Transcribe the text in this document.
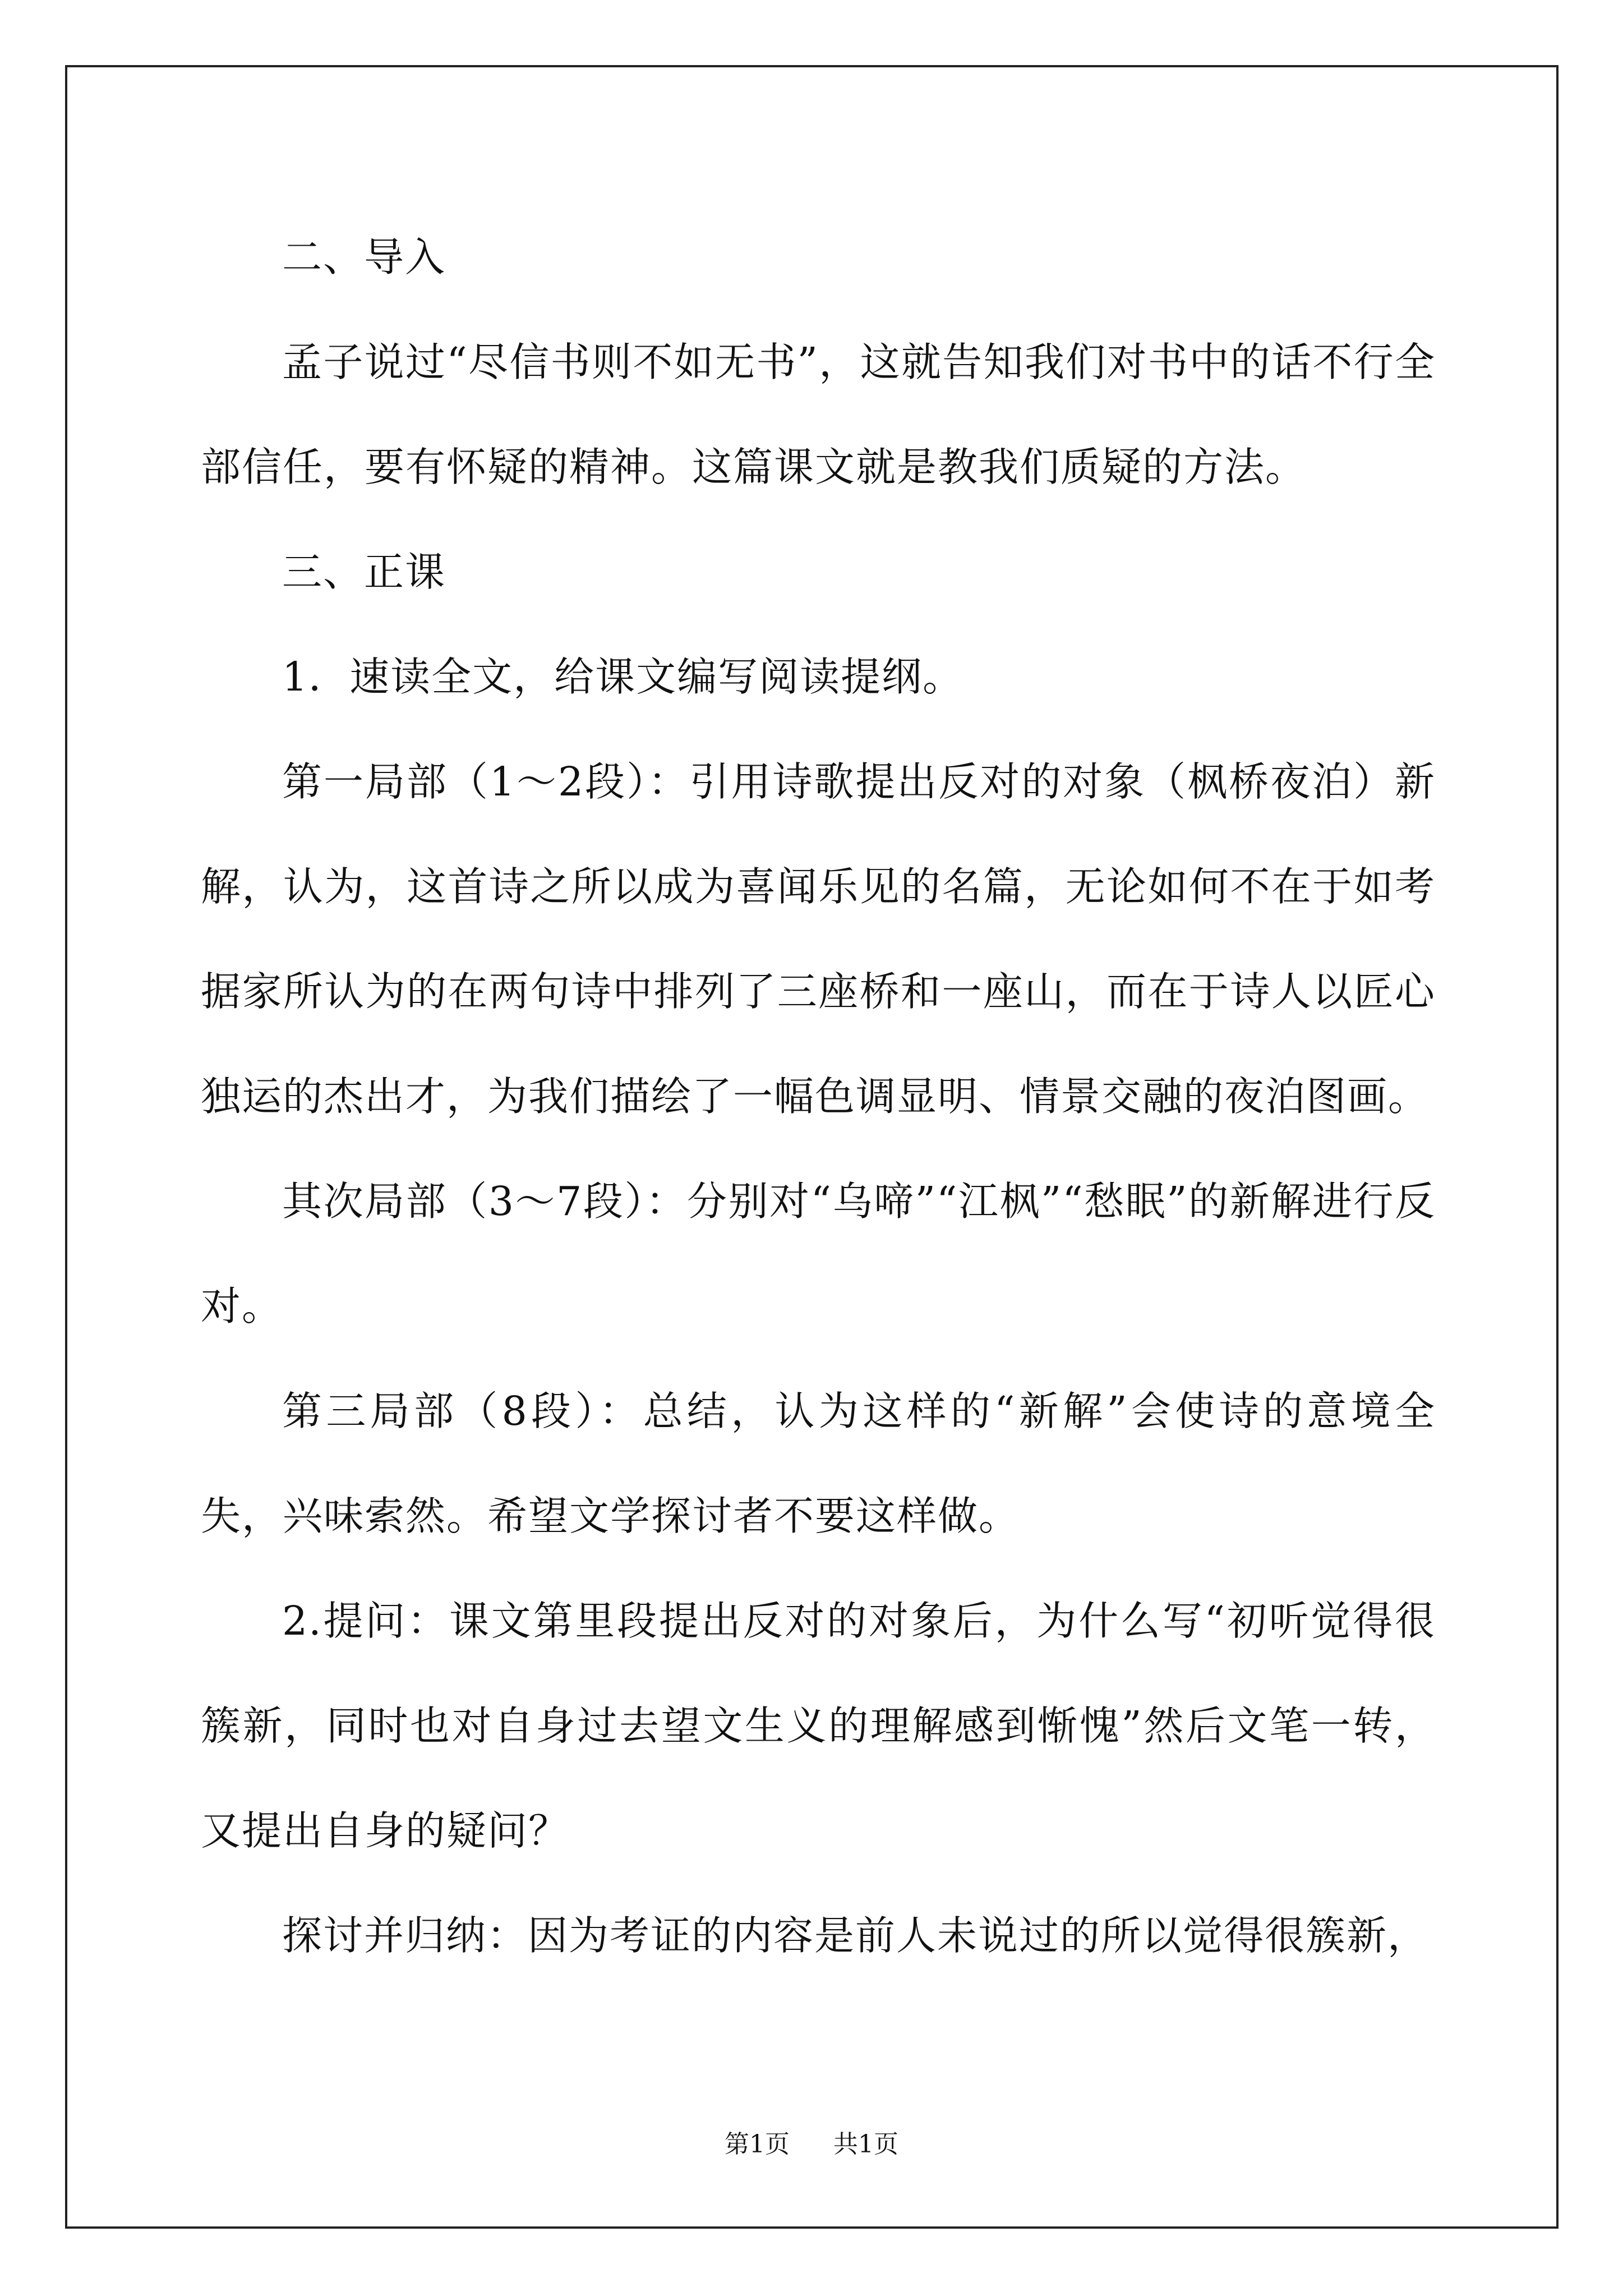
二、导入

孟子说过“尽信书则不如无书”，这就告知我们对书中的话不行全部信任，要有怀疑的精神。这篇课文就是教我们质疑的方法。

三、正课

1．速读全文，给课文编写阅读提纲。

第一局部（1～2段）：引用诗歌提出反对的对象（枫桥夜泊）新解，认为，这首诗之所以成为喜闻乐见的名篇，无论如何不在于如考据家所认为的在两句诗中排列了三座桥和一座山，而在于诗人以匠心独运的杰出才，为我们描绘了一幅色调显明、情景交融的夜泊图画。

其次局部（3～7段）：分别对“乌啼”“江枫”“愁眠”的新解进行反对。

第三局部（8段）：总结，认为这样的“新解”会使诗的意境全失，兴味索然。希望文学探讨者不要这样做。

2.提问：课文第里段提出反对的对象后，为什么写“初听觉得很簇新，同时也对自身过去望文生义的理解感到惭愧”然后文笔一转，又提出自身的疑问？

探讨并归纳：因为考证的内容是前人未说过的所以觉得很簇新，

第1页 共1页
